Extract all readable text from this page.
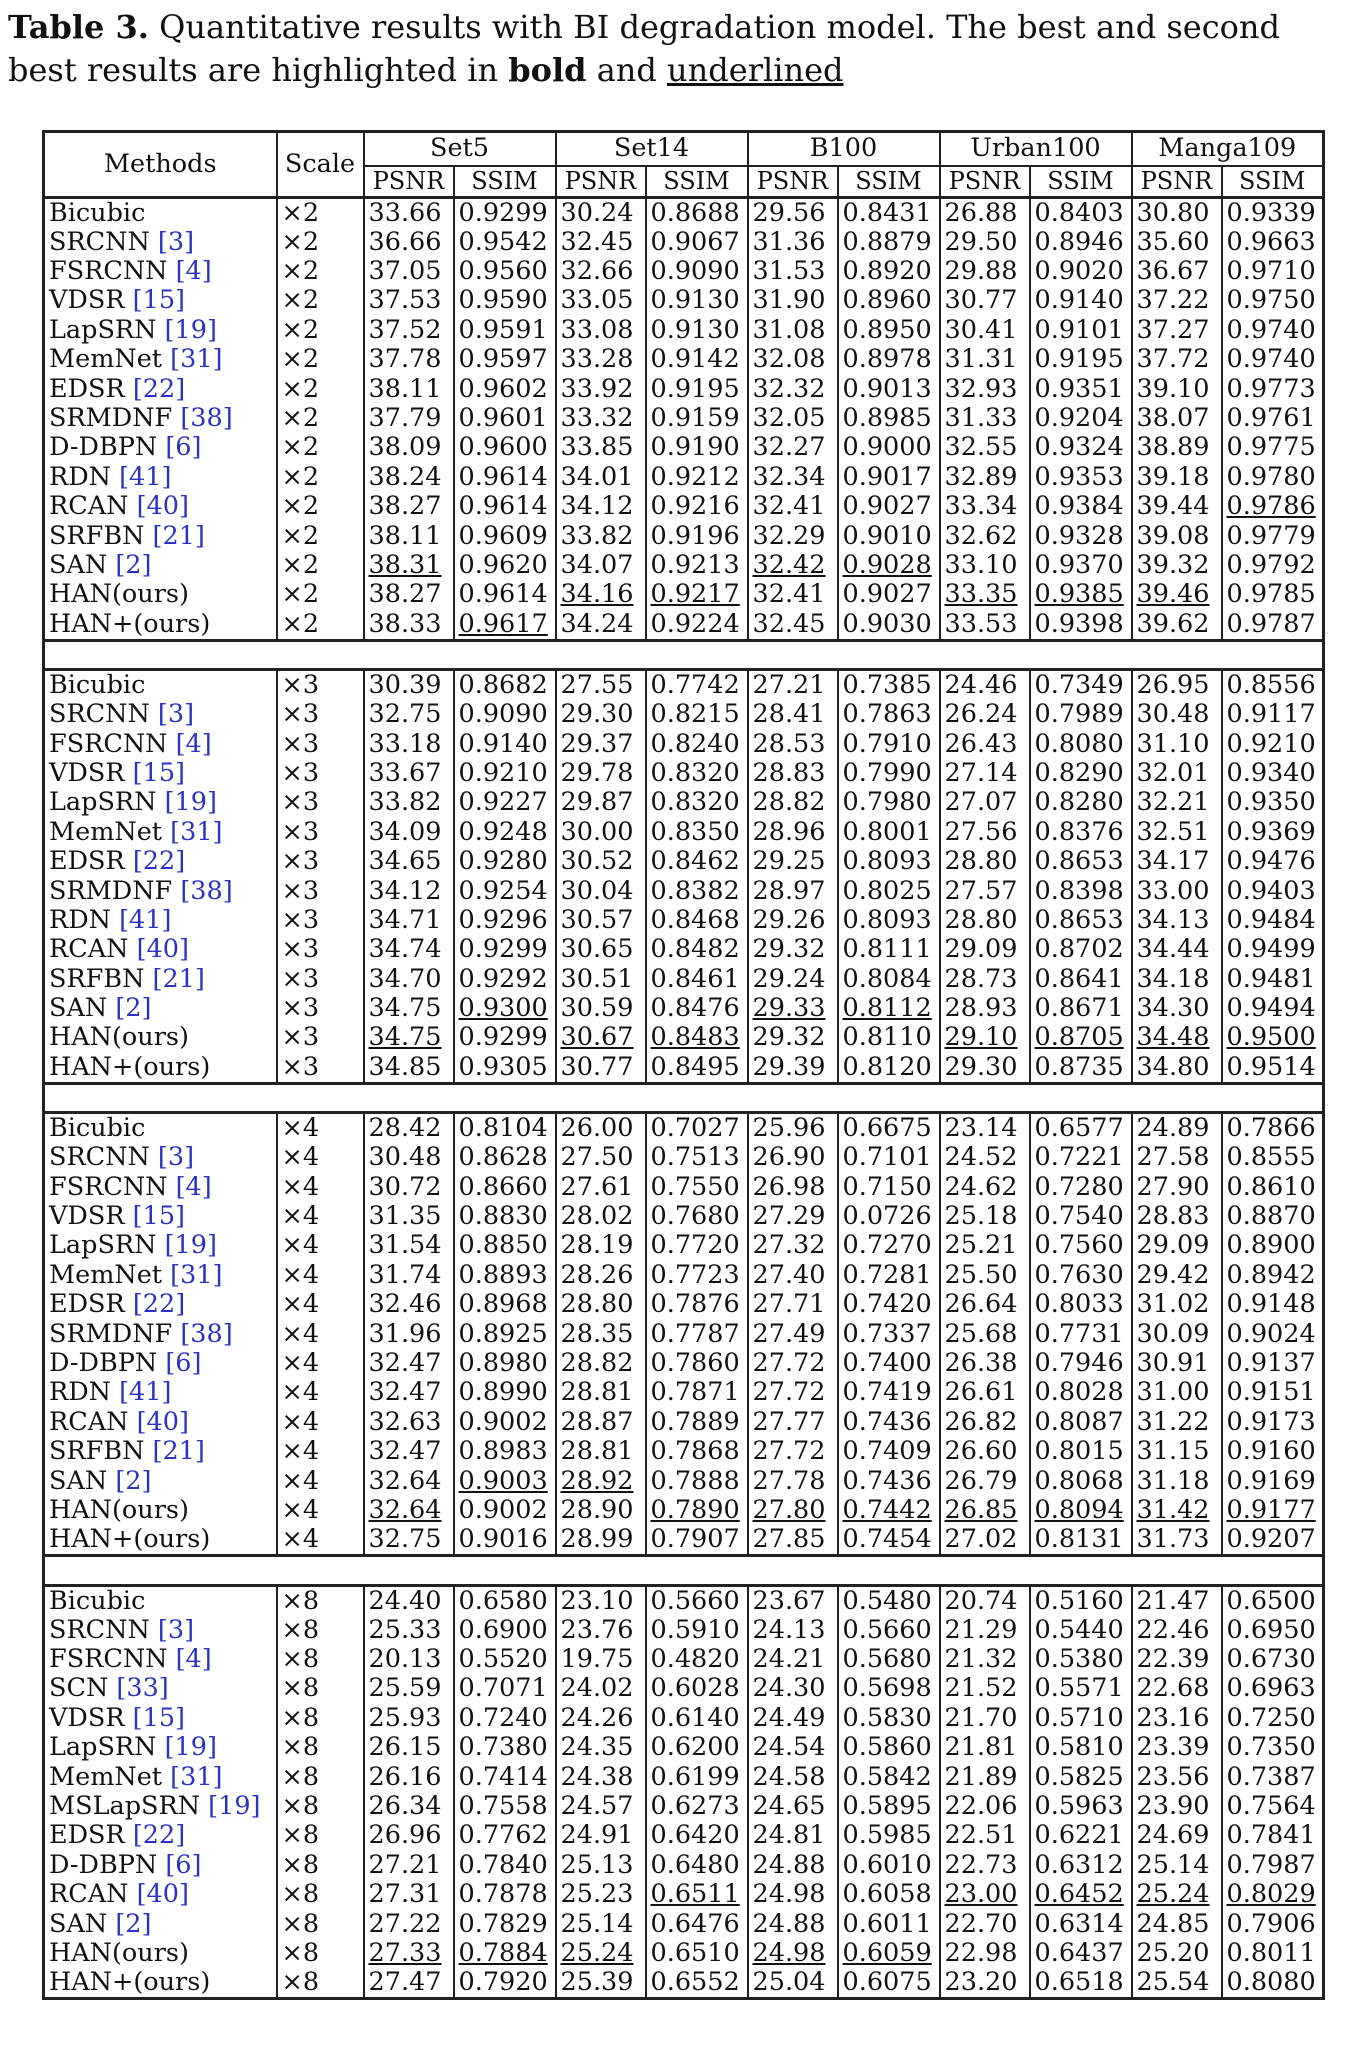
Table 3. Quantitative results with BI degradation model. The best and second best results are highlighted in bold and underlined
Methods	Scale	Set5		Set14		B100		Urban100		Manga109	
		PSNR	SSIM	PSNR	SSIM	PSNR	SSIM	PSNR	SSIM	PSNR	SSIM
Bicubic	×2	33.66	0.9299	30.24	0.8688	29.56	0.8431	26.88	0.8403	30.80	0.9339
SRCNN [3]	×2	36.66	0.9542	32.45	0.9067	31.36	0.8879	29.50	0.8946	35.60	0.9663
FSRCNN [4]	×2	37.05	0.9560	32.66	0.9090	31.53	0.8920	29.88	0.9020	36.67	0.9710
VDSR [15]	×2	37.53	0.9590	33.05	0.9130	31.90	0.8960	30.77	0.9140	37.22	0.9750
LapSRN [19]	×2	37.52	0.9591	33.08	0.9130	31.08	0.8950	30.41	0.9101	37.27	0.9740
MemNet [31]	×2	37.78	0.9597	33.28	0.9142	32.08	0.8978	31.31	0.9195	37.72	0.9740
EDSR [22]	×2	38.11	0.9602	33.92	0.9195	32.32	0.9013	32.93	0.9351	39.10	0.9773
SRMDNF [38]	×2	37.79	0.9601	33.32	0.9159	32.05	0.8985	31.33	0.9204	38.07	0.9761
D-DBPN [6]	×2	38.09	0.9600	33.85	0.9190	32.27	0.9000	32.55	0.9324	38.89	0.9775
RDN [41]	×2	38.24	0.9614	34.01	0.9212	32.34	0.9017	32.89	0.9353	39.18	0.9780
RCAN [40]	×2	38.27	0.9614	34.12	0.9216	32.41	0.9027	33.34	0.9384	39.44	0.9786
SRFBN [21]	×2	38.11	0.9609	33.82	0.9196	32.29	0.9010	32.62	0.9328	39.08	0.9779
SAN [2]	×2	38.31	0.9620	34.07	0.9213	32.42	0.9028	33.10	0.9370	39.32	0.9792
HAN(ours)	×2	38.27	0.9614	34.16	0.9217	32.41	0.9027	33.35	0.9385	39.46	0.9785
HAN+(ours)	×2	38.33	0.9617	34.24	0.9224	32.45	0.9030	33.53	0.9398	39.62	0.9787

Bicubic	×3	30.39	0.8682	27.55	0.7742	27.21	0.7385	24.46	0.7349	26.95	0.8556
SRCNN [3]	×3	32.75	0.9090	29.30	0.8215	28.41	0.7863	26.24	0.7989	30.48	0.9117
FSRCNN [4]	×3	33.18	0.9140	29.37	0.8240	28.53	0.7910	26.43	0.8080	31.10	0.9210
VDSR [15]	×3	33.67	0.9210	29.78	0.8320	28.83	0.7990	27.14	0.8290	32.01	0.9340
LapSRN [19]	×3	33.82	0.9227	29.87	0.8320	28.82	0.7980	27.07	0.8280	32.21	0.9350
MemNet [31]	×3	34.09	0.9248	30.00	0.8350	28.96	0.8001	27.56	0.8376	32.51	0.9369
EDSR [22]	×3	34.65	0.9280	30.52	0.8462	29.25	0.8093	28.80	0.8653	34.17	0.9476
SRMDNF [38]	×3	34.12	0.9254	30.04	0.8382	28.97	0.8025	27.57	0.8398	33.00	0.9403
RDN [41]	×3	34.71	0.9296	30.57	0.8468	29.26	0.8093	28.80	0.8653	34.13	0.9484
RCAN [40]	×3	34.74	0.9299	30.65	0.8482	29.32	0.8111	29.09	0.8702	34.44	0.9499
SRFBN [21]	×3	34.70	0.9292	30.51	0.8461	29.24	0.8084	28.73	0.8641	34.18	0.9481
SAN [2]	×3	34.75	0.9300	30.59	0.8476	29.33	0.8112	28.93	0.8671	34.30	0.9494
HAN(ours)	×3	34.75	0.9299	30.67	0.8483	29.32	0.8110	29.10	0.8705	34.48	0.9500
HAN+(ours)	×3	34.85	0.9305	30.77	0.8495	29.39	0.8120	29.30	0.8735	34.80	0.9514

Bicubic	×4	28.42	0.8104	26.00	0.7027	25.96	0.6675	23.14	0.6577	24.89	0.7866
SRCNN [3]	×4	30.48	0.8628	27.50	0.7513	26.90	0.7101	24.52	0.7221	27.58	0.8555
FSRCNN [4]	×4	30.72	0.8660	27.61	0.7550	26.98	0.7150	24.62	0.7280	27.90	0.8610
VDSR [15]	×4	31.35	0.8830	28.02	0.7680	27.29	0.0726	25.18	0.7540	28.83	0.8870
LapSRN [19]	×4	31.54	0.8850	28.19	0.7720	27.32	0.7270	25.21	0.7560	29.09	0.8900
MemNet [31]	×4	31.74	0.8893	28.26	0.7723	27.40	0.7281	25.50	0.7630	29.42	0.8942
EDSR [22]	×4	32.46	0.8968	28.80	0.7876	27.71	0.7420	26.64	0.8033	31.02	0.9148
SRMDNF [38]	×4	31.96	0.8925	28.35	0.7787	27.49	0.7337	25.68	0.7731	30.09	0.9024
D-DBPN [6]	×4	32.47	0.8980	28.82	0.7860	27.72	0.7400	26.38	0.7946	30.91	0.9137
RDN [41]	×4	32.47	0.8990	28.81	0.7871	27.72	0.7419	26.61	0.8028	31.00	0.9151
RCAN [40]	×4	32.63	0.9002	28.87	0.7889	27.77	0.7436	26.82	0.8087	31.22	0.9173
SRFBN [21]	×4	32.47	0.8983	28.81	0.7868	27.72	0.7409	26.60	0.8015	31.15	0.9160
SAN [2]	×4	32.64	0.9003	28.92	0.7888	27.78	0.7436	26.79	0.8068	31.18	0.9169
HAN(ours)	×4	32.64	0.9002	28.90	0.7890	27.80	0.7442	26.85	0.8094	31.42	0.9177
HAN+(ours)	×4	32.75	0.9016	28.99	0.7907	27.85	0.7454	27.02	0.8131	31.73	0.9207

Bicubic	×8	24.40	0.6580	23.10	0.5660	23.67	0.5480	20.74	0.5160	21.47	0.6500
SRCNN [3]	×8	25.33	0.6900	23.76	0.5910	24.13	0.5660	21.29	0.5440	22.46	0.6950
FSRCNN [4]	×8	20.13	0.5520	19.75	0.4820	24.21	0.5680	21.32	0.5380	22.39	0.6730
SCN [33]	×8	25.59	0.7071	24.02	0.6028	24.30	0.5698	21.52	0.5571	22.68	0.6963
VDSR [15]	×8	25.93	0.7240	24.26	0.6140	24.49	0.5830	21.70	0.5710	23.16	0.7250
LapSRN [19]	×8	26.15	0.7380	24.35	0.6200	24.54	0.5860	21.81	0.5810	23.39	0.7350
MemNet [31]	×8	26.16	0.7414	24.38	0.6199	24.58	0.5842	21.89	0.5825	23.56	0.7387
MSLapSRN [19]	×8	26.34	0.7558	24.57	0.6273	24.65	0.5895	22.06	0.5963	23.90	0.7564
EDSR [22]	×8	26.96	0.7762	24.91	0.6420	24.81	0.5985	22.51	0.6221	24.69	0.7841
D-DBPN [6]	×8	27.21	0.7840	25.13	0.6480	24.88	0.6010	22.73	0.6312	25.14	0.7987
RCAN [40]	×8	27.31	0.7878	25.23	0.6511	24.98	0.6058	23.00	0.6452	25.24	0.8029
SAN [2]	×8	27.22	0.7829	25.14	0.6476	24.88	0.6011	22.70	0.6314	24.85	0.7906
HAN(ours)	×8	27.33	0.7884	25.24	0.6510	24.98	0.6059	22.98	0.6437	25.20	0.8011
HAN+(ours)	×8	27.47	0.7920	25.39	0.6552	25.04	0.6075	23.20	0.6518	25.54	0.8080
